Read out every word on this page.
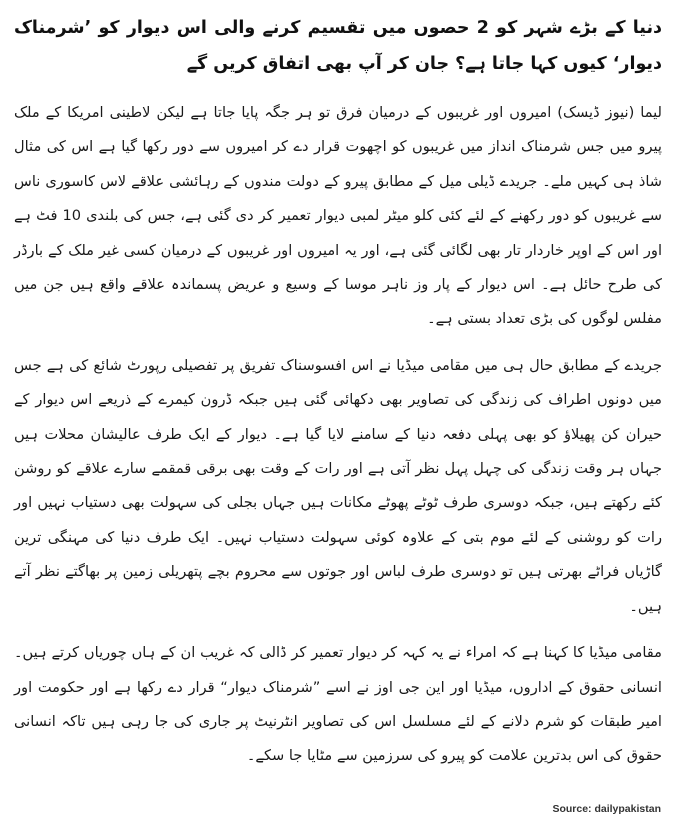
دنیا کے بڑے شہر کو 2 حصوں میں تقسیم کرنے والی اس دیوار کو ’شرمناک دیوار‘ کیوں کہا جاتا ہے؟ جان کر آپ بھی اتفاق کریں گے

لیما (نیوز ڈیسک) امیروں اور غریبوں کے درمیان فرق تو ہر جگہ پایا جاتا ہے لیکن لاطینی امریکا کے ملک پیرو میں جس شرمناک انداز میں غریبوں کو اچھوت قرار دے کر امیروں سے دور رکھا گیا ہے اس کی مثال شاذ ہی کہیں ملے۔ جریدے ڈیلی میل کے مطابق پیرو کے دولت مندوں کے رہائشی علاقے لاس کاسوری ناس سے غریبوں کو دور رکھنے کے لئے کئی کلو میٹر لمبی دیوار تعمیر کر دی گئی ہے، جس کی بلندی 10 فٹ ہے اور اس کے اوپر خاردار تار بھی لگائی گئی ہے، اور یہ امیروں اور غریبوں کے درمیان کسی غیر ملک کے بارڈر کی طرح حائل ہے۔ اس دیوار کے پار وز ناہر موسا کے وسیع و عریض پسماندہ علاقے واقع ہیں جن میں مفلس لوگوں کی بڑی تعداد بستی ہے۔

جریدے کے مطابق حال ہی میں مقامی میڈیا نے اس افسوسناک تفریق پر تفصیلی رپورٹ شائع کی ہے جس میں دونوں اطراف کی زندگی کی تصاویر بھی دکھائی گئی ہیں جبکہ ڈرون کیمرے کے ذریعے اس دیوار کے حیران کن پھیلاؤ کو بھی پہلی دفعہ دنیا کے سامنے لایا گیا ہے۔ دیوار کے ایک طرف عالیشان محلات ہیں جہاں ہر وقت زندگی کی چہل پہل نظر آتی ہے اور رات کے وقت بھی برقی قمقمے سارے علاقے کو روشن کئے رکھتے ہیں، جبکہ دوسری طرف ٹوٹے پھوٹے مکانات ہیں جہاں بجلی کی سہولت بھی دستیاب نہیں اور رات کو روشنی کے لئے موم بتی کے علاوہ کوئی سہولت دستیاب نہیں۔ ایک طرف دنیا کی مہنگی ترین گاڑیاں فراٹے بھرتی ہیں تو دوسری طرف لباس اور جوتوں سے محروم بچے پتھریلی زمین پر بھاگتے نظر آتے ہیں۔

مقامی میڈیا کا کہنا ہے کہ امراء نے یہ کہہ کر دیوار تعمیر کر ڈالی کہ غریب ان کے ہاں چوریاں کرتے ہیں۔ انسانی حقوق کے اداروں، میڈیا اور این جی اوز نے اسے ”شرمناک دیوار“ قرار دے رکھا ہے اور حکومت اور امیر طبقات کو شرم دلانے کے لئے مسلسل اس کی تصاویر انٹرنیٹ پر جاری کی جا رہی ہیں تاکہ انسانی حقوق کی اس بدترین علامت کو پیرو کی سرزمین سے مٹایا جا سکے۔

Source: dailypakistan
